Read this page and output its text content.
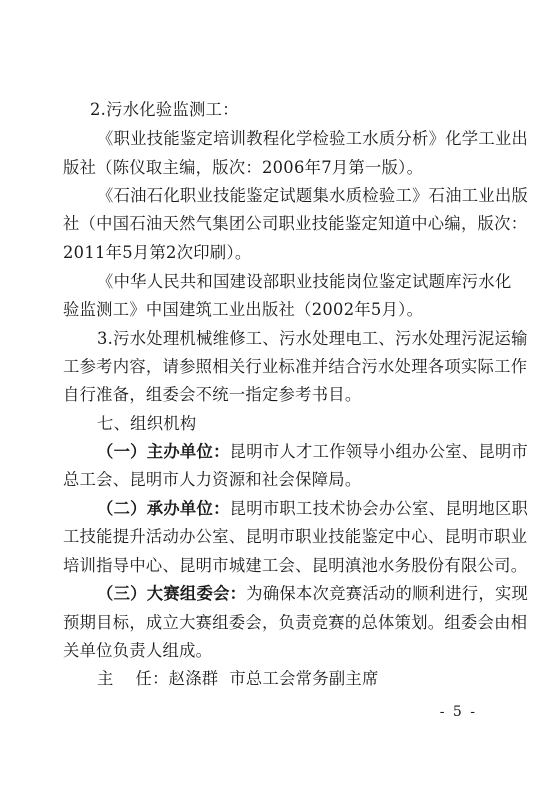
2.污水化验监测工：
《职业技能鉴定培训教程化学检验工水质分析》化学工业出
版社（陈仪取主编，版次：2006年7月第一版）。
《石油石化职业技能鉴定试题集水质检验工》石油工业出版
社（中国石油天然气集团公司职业技能鉴定知道中心编，版次：
2011年5月第2次印刷）。
《中华人民共和国建设部职业技能岗位鉴定试题库污水化
验监测工》中国建筑工业出版社（2002年5月）。
3.污水处理机械维修工、污水处理电工、污水处理污泥运输
工参考内容，请参照相关行业标准并结合污水处理各项实际工作
自行准备，组委会不统一指定参考书目。
七、组织机构
（一）主办单位：昆明市人才工作领导小组办公室、昆明市
总工会、昆明市人力资源和社会保障局。
（二）承办单位：昆明市职工技术协会办公室、昆明地区职
工技能提升活动办公室、昆明市职业技能鉴定中心、昆明市职业
培训指导中心、昆明市城建工会、昆明滇池水务股份有限公司。
（三）大赛组委会：为确保本次竞赛活动的顺利进行，实现
预期目标，成立大赛组委会，负责竞赛的总体策划。组委会由相
关单位负责人组成。
主    任：赵涤群  市总工会常务副主席
- 5 -
